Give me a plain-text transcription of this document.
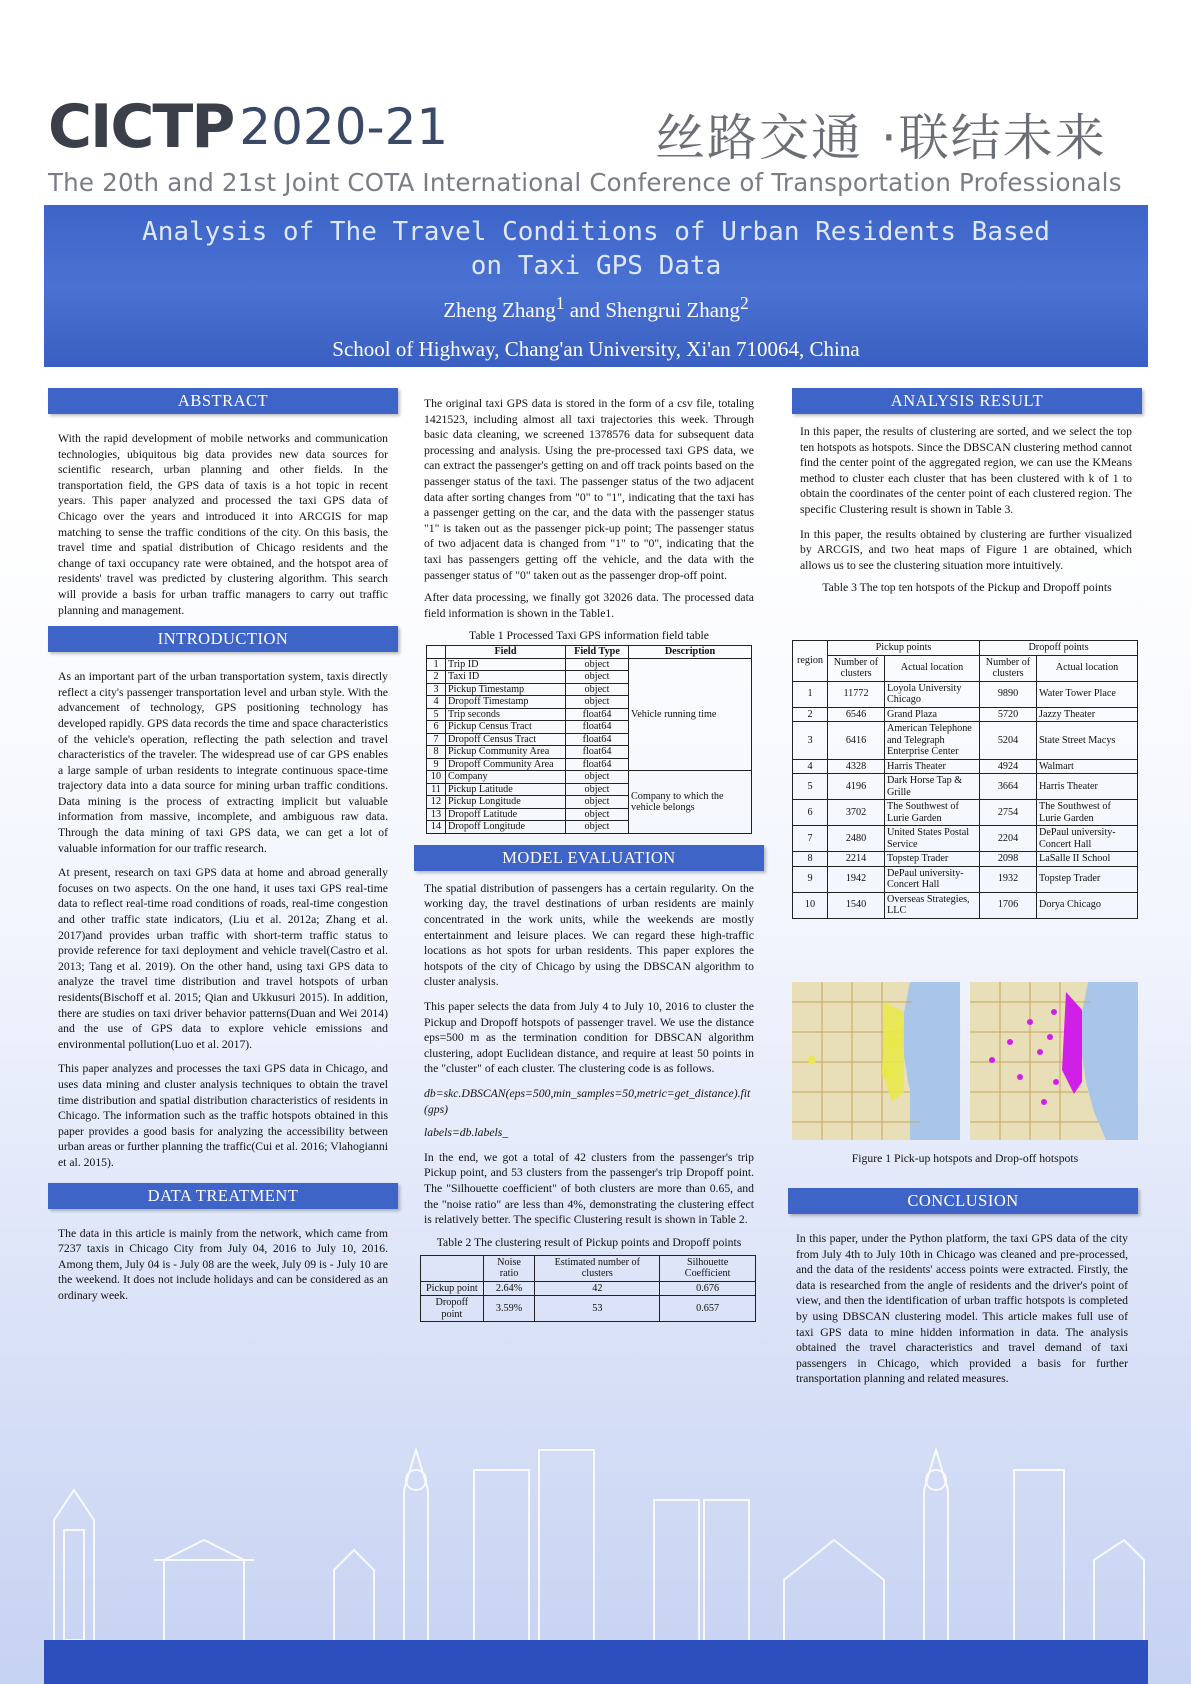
CICTP 2020-21	丝路交通 ·联结未来
The 20th and 21st Joint COTA International Conference of Transportation Professionals
Analysis of The Travel Conditions of Urban Residents Based on Taxi GPS Data
Zheng Zhang$^1$ and Shengrui Zhang$^2$
School of Highway, Chang'an University, Xi'an 710064, China
ABSTRACT

With the rapid development of mobile networks and communication technologies, ubiquitous big data provides new data sources for scientific research, urban planning and other fields. In the transportation field, the GPS data of taxis is a hot topic in recent years. This paper analyzed and processed the taxi GPS data of Chicago over the years and introduced it into ARCGIS for map matching to sense the traffic conditions of the city. On this basis, the travel time and spatial distribution of Chicago residents and the change of taxi occupancy rate were obtained, and the hotspot area of residents' travel was predicted by clustering algorithm. This search will provide a basis for urban traffic managers to carry out traffic planning and management.

INTRODUCTION

As an important part of the urban transportation system, taxis directly reflect a city's passenger transportation level and urban style. With the advancement of technology, GPS positioning technology has developed rapidly. GPS data records the time and space characteristics of the vehicle's operation, reflecting the path selection and travel characteristics of the traveler. The widespread use of car GPS enables a large sample of urban residents to integrate continuous space-time trajectory data into a data source for mining urban traffic conditions. Data mining is the process of extracting implicit but valuable information from massive, incomplete, and ambiguous raw data. Through the data mining of taxi GPS data, we can get a lot of valuable information for our traffic research.

At present, research on taxi GPS data at home and abroad generally focuses on two aspects. On the one hand, it uses taxi GPS real-time data to reflect real-time road conditions of roads, real-time congestion and other traffic state indicators, (Liu et al. 2012a; Zhang et al. 2017)and provides urban traffic with short-term traffic status to provide reference for taxi deployment and vehicle travel(Castro et al. 2013; Tang et al. 2019). On the other hand, using taxi GPS data to analyze the travel time distribution and travel hotspots of urban residents(Bischoff et al. 2015; Qian and Ukkusuri 2015). In addition, there are studies on taxi driver behavior patterns(Duan and Wei 2014) and the use of GPS data to explore vehicle emissions and environmental pollution(Luo et al. 2017).

This paper analyzes and processes the taxi GPS data in Chicago, and uses data mining and cluster analysis techniques to obtain the travel time distribution and spatial distribution characteristics of residents in Chicago. The information such as the traffic hotspots obtained in this paper provides a good basis for analyzing the accessibility between urban areas or further planning the traffic(Cui et al. 2016; Vlahogianni et al. 2015).

DATA TREATMENT

The data in this article is mainly from the network, which came from 7237 taxis in Chicago City from July 04, 2016 to July 10, 2016. Among them, July 04 is - July 08 are the week, July 09 is - July 10 are the weekend. It does not include holidays and can be considered as an ordinary week.

The original taxi GPS data is stored in the form of a csv file, totaling 1421523, including almost all taxi trajectories this week. Through basic data cleaning, we screened 1378576 data for subsequent data processing and analysis. Using the pre-processed taxi GPS data, we can extract the passenger's getting on and off track points based on the passenger status of the taxi. The passenger status of the two adjacent data after sorting changes from "0" to "1", indicating that the taxi has a passenger getting on the car, and the data with the passenger status "1" is taken out as the passenger pick-up point; The passenger status of two adjacent data is changed from "1" to "0", indicating that the taxi has passengers getting off the vehicle, and the data with the passenger status of "0" taken out as the passenger drop-off point.

After data processing, we finally got 32026 data. The processed data field information is shown in the Table1.

Table 1 Processed Taxi GPS information field table

	Field	Field Type	Description
1	Trip ID	object	Vehicle running time
2	Taxi ID	object	
3	Pickup Timestamp	object	
4	Dropoff Timestamp	object	
5	Trip seconds	float64	
6	Pickup Census Tract	float64	
7	Dropoff Census Tract	float64	
8	Pickup Community Area	float64	
9	Dropoff Community Area	float64	
10	Company	object	Company to which the vehicle belongs
11	Pickup Latitude	object	
12	Pickup Longitude	object	
13	Dropoff Latitude	object	
14	Dropoff Longitude	object	
MODEL EVALUATION

The spatial distribution of passengers has a certain regularity. On the working day, the travel destinations of urban residents are mainly concentrated in the work units, while the weekends are mostly entertainment and leisure places. We can regard these high-traffic locations as hot spots for urban residents. This paper explores the hotspots of the city of Chicago by using the DBSCAN algorithm to cluster analysis.

This paper selects the data from July 4 to July 10, 2016 to cluster the Pickup and Dropoff hotspots of passenger travel. We use the distance eps=500 m as the termination condition for DBSCAN algorithm clustering, adopt Euclidean distance, and require at least 50 points in the "cluster" of each cluster. The clustering code is as follows.

db=skc.DBSCAN(eps=500,min_samples=50,metric=get_distance).fit(gps)

labels=db.labels_

In the end, we got a total of 42 clusters from the passenger's trip Pickup point, and 53 clusters from the passenger's trip Dropoff point. The "Silhouette coefficient" of both clusters are more than 0.65, and the "noise ratio" are less than 4%, demonstrating the clustering effect is relatively better. The specific Clustering result is shown in Table 2.

Table 2 The clustering result of Pickup points and Dropoff points

	Noise ratio	Estimated number of clusters	Silhouette Coefficient
Pickup point	2.64%	42	0.676
Dropoff point	3.59%	53	0.657
ANALYSIS RESULT

In this paper, the results of clustering are sorted, and we select the top ten hotspots as hotspots. Since the DBSCAN clustering method cannot find the center point of the aggregated region, we can use the KMeans method to cluster each cluster that has been clustered with k of 1 to obtain the coordinates of the center point of each clustered region. The specific Clustering result is shown in Table 3.

In this paper, the results obtained by clustering are further visualized by ARCGIS, and two heat maps of Figure 1 are obtained, which allows us to see the clustering situation more intuitively.

Table 3 The top ten hotspots of the Pickup and Dropoff points

region	Pickup points		Dropoff points	
	Number of clusters	Actual location	Number of clusters	Actual location
1	11772	Loyola University Chicago	9890	Water Tower Place
2	6546	Grand Plaza	5720	Jazzy Theater
3	6416	American Telephone and Telegraph Enterprise Center	5204	State Street Macys
4	4328	Harris Theater	4924	Walmart
5	4196	Dark Horse Tap & Grille	3664	Harris Theater
6	3702	The Southwest of Lurie Garden	2754	The Southwest of Lurie Garden
7	2480	United States Postal Service	2204	DePaul university-Concert Hall
8	2214	Topstep Trader	2098	LaSalle II School
9	1942	DePaul university-Concert Hall	1932	Topstep Trader
10	1540	Overseas Strategies, LLC	1706	Dorya Chicago

Figure 1 Pick-up hotspots and Drop-off hotspots

CONCLUSION

In this paper, under the Python platform, the taxi GPS data of the city from July 4th to July 10th in Chicago was cleaned and pre-processed, and the data of the residents' access points were extracted. Firstly, the data is researched from the angle of residents and the driver's point of view, and then the identification of urban traffic hotspots is completed by using DBSCAN clustering model. This article makes full use of taxi GPS data to mine hidden information in data. The analysis obtained the travel characteristics and travel demand of taxi passengers in Chicago, which provided a basis for further transportation planning and related measures.
